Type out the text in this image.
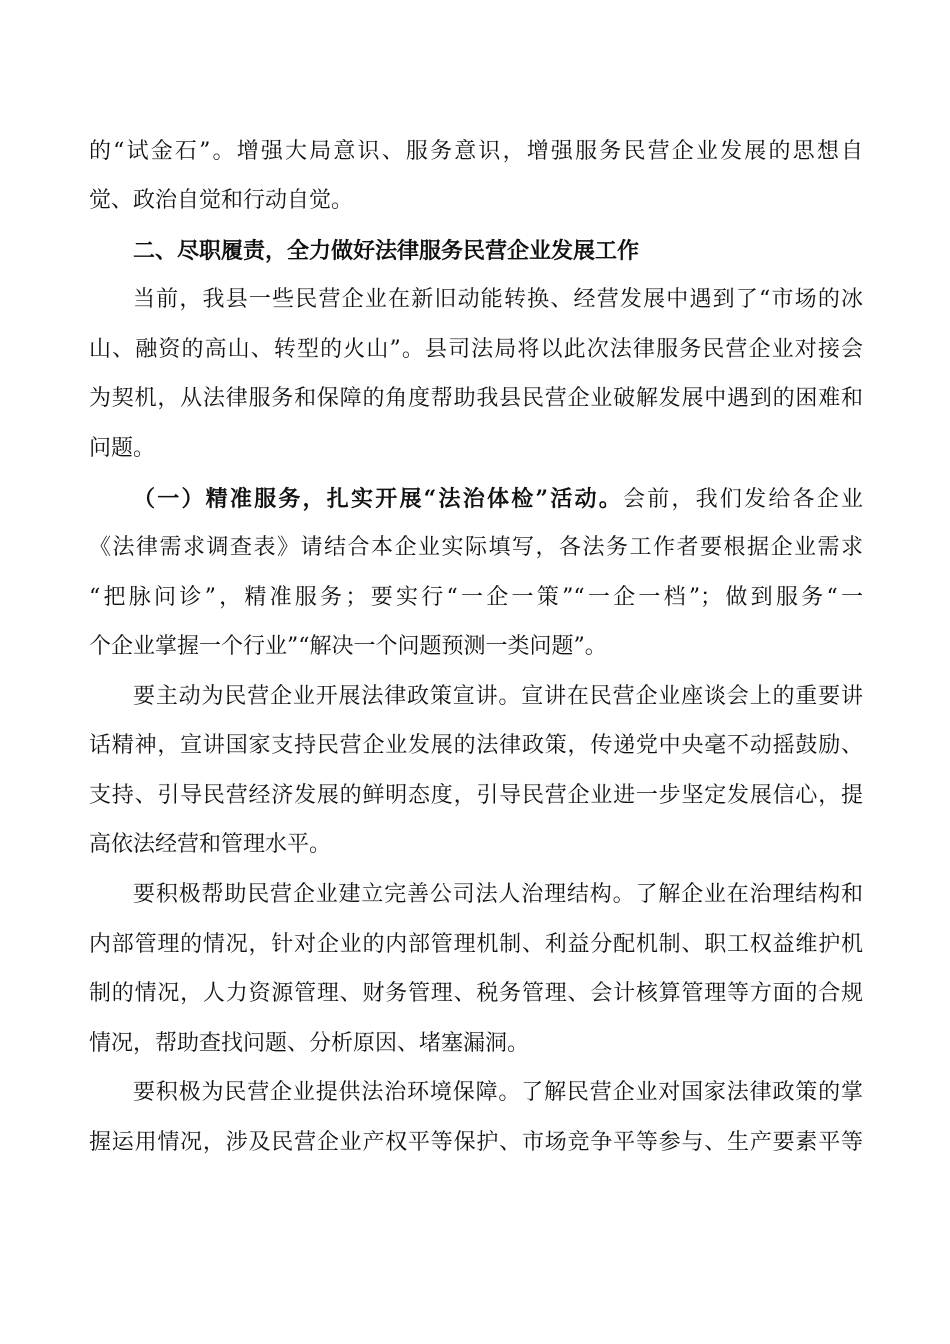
的“试金石”。增强大局意识、服务意识，增强服务民营企业发展的思想自
觉、政治自觉和行动自觉。
二、尽职履责，全力做好法律服务民营企业发展工作
当前，我县一些民营企业在新旧动能转换、经营发展中遇到了“市场的冰
山、融资的高山、转型的火山”。县司法局将以此次法律服务民营企业对接会
为契机，从法律服务和保障的角度帮助我县民营企业破解发展中遇到的困难和
问题。
（一）精准服务，扎实开展“法治体检”活动。会前，我们发给各企业
《法律需求调查表》请结合本企业实际填写，各法务工作者要根据企业需求
“把脉问诊”，精准服务；要实行“一企一策”“一企一档”；做到服务“一
个企业掌握一个行业”“解决一个问题预测一类问题”。
要主动为民营企业开展法律政策宣讲。宣讲在民营企业座谈会上的重要讲
话精神，宣讲国家支持民营企业发展的法律政策，传递党中央毫不动摇鼓励、
支持、引导民营经济发展的鲜明态度，引导民营企业进一步坚定发展信心，提
高依法经营和管理水平。
要积极帮助民营企业建立完善公司法人治理结构。了解企业在治理结构和
内部管理的情况，针对企业的内部管理机制、利益分配机制、职工权益维护机
制的情况，人力资源管理、财务管理、税务管理、会计核算管理等方面的合规
情况，帮助查找问题、分析原因、堵塞漏洞。
要积极为民营企业提供法治环境保障。了解民营企业对国家法律政策的掌
握运用情况，涉及民营企业产权平等保护、市场竞争平等参与、生产要素平等
